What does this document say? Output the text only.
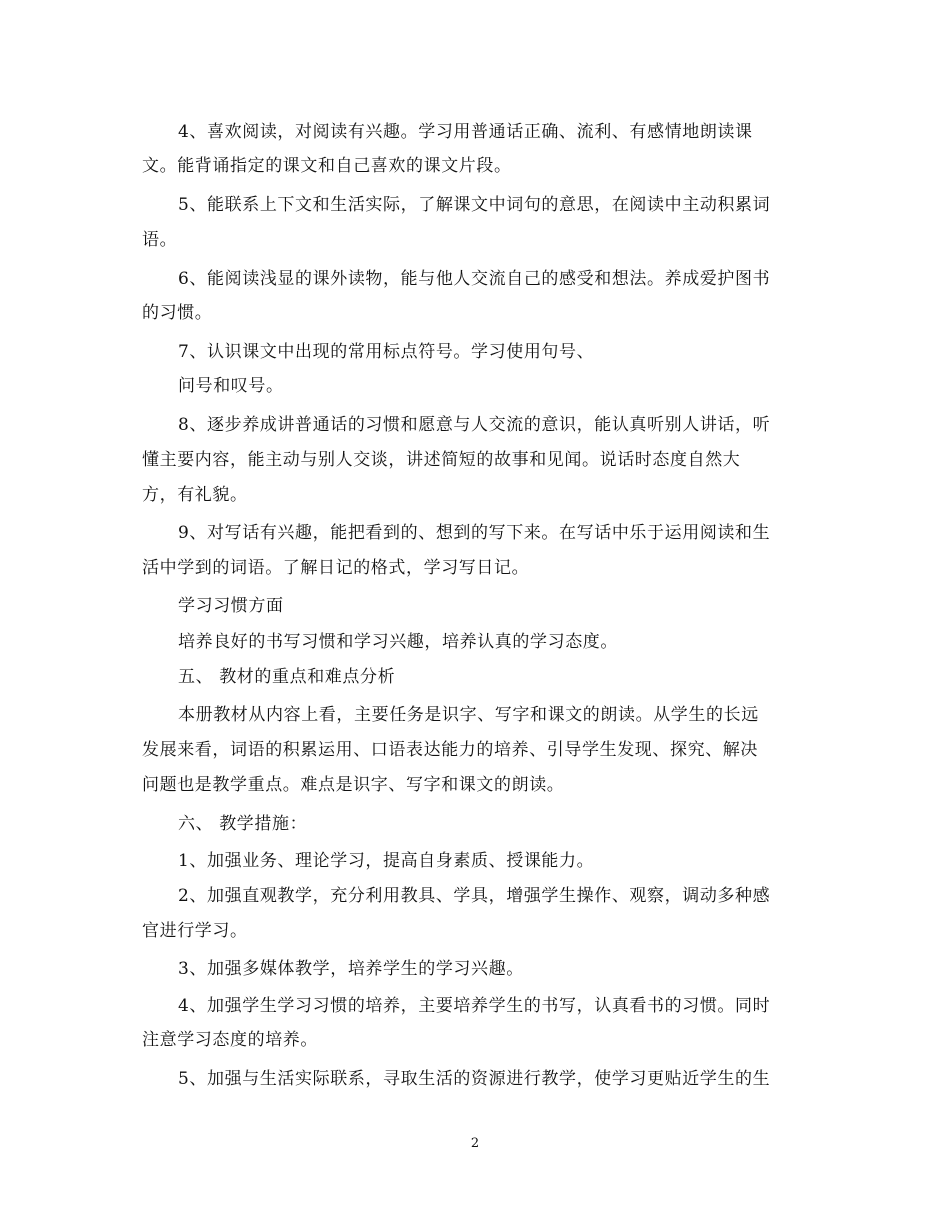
4、喜欢阅读，对阅读有兴趣。学习用普通话正确、流利、有感情地朗读课
文。能背诵指定的课文和自己喜欢的课文片段。
5、能联系上下文和生活实际，了解课文中词句的意思，在阅读中主动积累词
语。
6、能阅读浅显的课外读物，能与他人交流自己的感受和想法。养成爱护图书
的习惯。
7、认识课文中出现的常用标点符号。学习使用句号、
问号和叹号。
8、逐步养成讲普通话的习惯和愿意与人交流的意识，能认真听别人讲话，听
懂主要内容，能主动与别人交谈，讲述简短的故事和见闻。说话时态度自然大
方，有礼貌。
9、对写话有兴趣，能把看到的、想到的写下来。在写话中乐于运用阅读和生
活中学到的词语。了解日记的格式，学习写日记。
学习习惯方面
培养良好的书写习惯和学习兴趣，培养认真的学习态度。
五、 教材的重点和难点分析
本册教材从内容上看，主要任务是识字、写字和课文的朗读。从学生的长远
发展来看，词语的积累运用、口语表达能力的培养、引导学生发现、探究、解决
问题也是教学重点。难点是识字、写字和课文的朗读。
六、 教学措施：
1、加强业务、理论学习，提高自身素质、授课能力。
2、加强直观教学，充分利用教具、学具，增强学生操作、观察，调动多种感
官进行学习。
3、加强多媒体教学，培养学生的学习兴趣。
4、加强学生学习习惯的培养，主要培养学生的书写，认真看书的习惯。同时
注意学习态度的培养。
5、加强与生活实际联系，寻取生活的资源进行教学，使学习更贴近学生的生
2
